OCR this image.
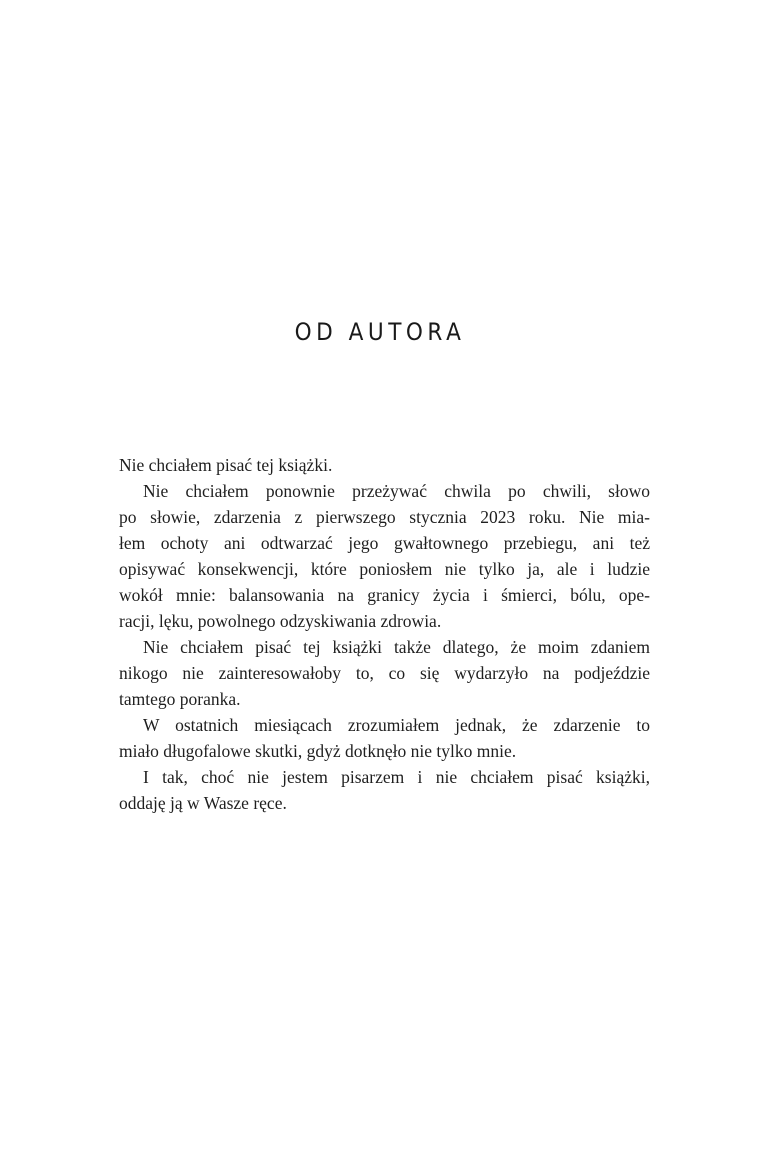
OD AUTORA
Nie chciałem pisać tej książki.
Nie chciałem ponownie przeżywać chwila po chwili, słowo
po słowie, zdarzenia z pierwszego stycznia 2023 roku. Nie mia-
łem ochoty ani odtwarzać jego gwałtownego przebiegu, ani też
opisywać konsekwencji, które poniosłem nie tylko ja, ale i ludzie
wokół mnie: balansowania na granicy życia i śmierci, bólu, ope-
racji, lęku, powolnego odzyskiwania zdrowia.
Nie chciałem pisać tej książki także dlatego, że moim zdaniem
nikogo nie zainteresowałoby to, co się wydarzyło na podjeździe
tamtego poranka.
W ostatnich miesiącach zrozumiałem jednak, że zdarzenie to
miało długofalowe skutki, gdyż dotknęło nie tylko mnie.
I tak, choć nie jestem pisarzem i nie chciałem pisać książki,
oddaję ją w Wasze ręce.
